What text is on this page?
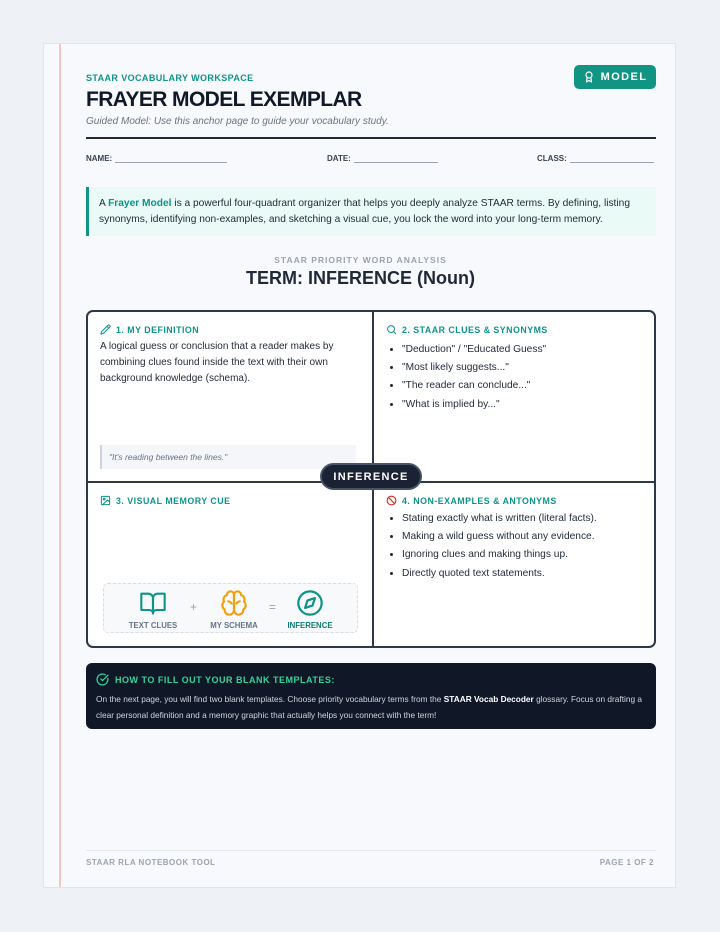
STAAR VOCABULARY WORKSPACE
FRAYER MODEL EXEMPLAR
Guided Model: Use this anchor page to guide your vocabulary study.
MODEL
NAME:	DATE:	CLASS:
A Frayer Model is a powerful four-quadrant organizer that helps you deeply analyze STAAR terms. By defining, listing synonyms, identifying non-examples, and sketching a visual cue, you lock the word into your long-term memory.
STAAR PRIORITY WORD ANALYSIS
TERM: INFERENCE (Noun)
1. MY DEFINITION
A logical guess or conclusion that a reader makes by combining clues found inside the text with their own background knowledge (schema).
"It's reading between the lines."
2. STAAR CLUES & SYNONYMS
• "Deduction" / "Educated Guess"
• "Most likely suggests..."
• "The reader can conclude..."
• "What is implied by..."
3. VISUAL MEMORY CUE
TEXT CLUES
+
MY SCHEMA
=
INFERENCE
4. NON-EXAMPLES & ANTONYMS
• Stating exactly what is written (literal facts).
• Making a wild guess without any evidence.
• Ignoring clues and making things up.
• Directly quoted text statements.
INFERENCE
HOW TO FILL OUT YOUR BLANK TEMPLATES:
On the next page, you will find two blank templates. Choose priority vocabulary terms from the STAAR Vocab Decoder glossary. Focus on drafting a clear personal definition and a memory graphic that actually helps you connect with the term!
STAAR RLA NOTEBOOK TOOL	PAGE 1 OF 2
